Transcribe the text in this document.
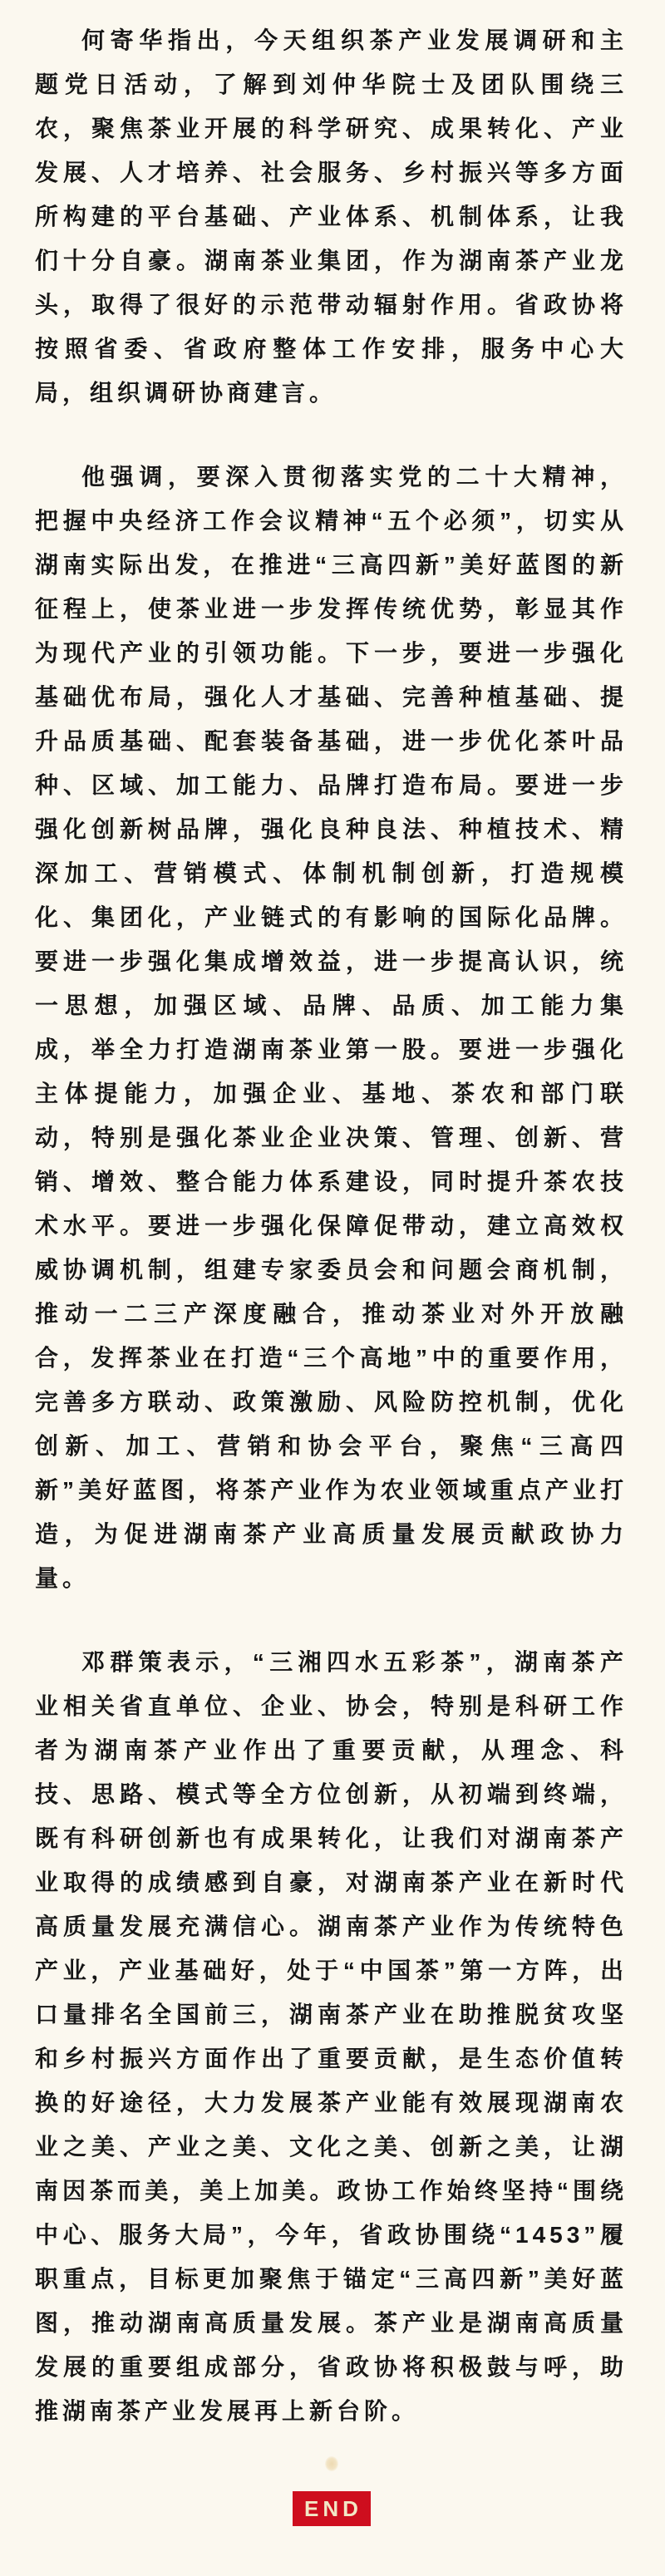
何寄华指出，今天组织茶产业发展调研和主题党日活动，了解到刘仲华院士及团队围绕三农，聚焦茶业开展的科学研究、成果转化、产业发展、人才培养、社会服务、乡村振兴等多方面所构建的平台基础、产业体系、机制体系，让我们十分自豪。湖南茶业集团，作为湖南茶产业龙头，取得了很好的示范带动辐射作用。省政协将按照省委、省政府整体工作安排，服务中心大局，组织调研协商建言。

他强调，要深入贯彻落实党的二十大精神，把握中央经济工作会议精神“五个必须”，切实从湖南实际出发，在推进“三高四新”美好蓝图的新征程上，使茶业进一步发挥传统优势，彰显其作为现代产业的引领功能。下一步，要进一步强化基础优布局，强化人才基础、完善种植基础、提升品质基础、配套装备基础，进一步优化茶叶品种、区域、加工能力、品牌打造布局。要进一步强化创新树品牌，强化良种良法、种植技术、精深加工、营销模式、体制机制创新，打造规模化、集团化，产业链式的有影响的国际化品牌。要进一步强化集成增效益，进一步提高认识，统一思想，加强区域、品牌、品质、加工能力集成，举全力打造湖南茶业第一股。要进一步强化主体提能力，加强企业、基地、茶农和部门联动，特别是强化茶业企业决策、管理、创新、营销、增效、整合能力体系建设，同时提升茶农技术水平。要进一步强化保障促带动，建立高效权威协调机制，组建专家委员会和问题会商机制，推动一二三产深度融合，推动茶业对外开放融合，发挥茶业在打造“三个高地”中的重要作用，完善多方联动、政策激励、风险防控机制，优化创新、加工、营销和协会平台，聚焦“三高四新”美好蓝图，将茶产业作为农业领域重点产业打造，为促进湖南茶产业高质量发展贡献政协力量。

邓群策表示，“三湘四水五彩茶”，湖南茶产业相关省直单位、企业、协会，特别是科研工作者为湖南茶产业作出了重要贡献，从理念、科技、思路、模式等全方位创新，从初端到终端，既有科研创新也有成果转化，让我们对湖南茶产业取得的成绩感到自豪，对湖南茶产业在新时代高质量发展充满信心。湖南茶产业作为传统特色产业，产业基础好，处于“中国茶”第一方阵，出口量排名全国前三，湖南茶产业在助推脱贫攻坚和乡村振兴方面作出了重要贡献，是生态价值转换的好途径，大力发展茶产业能有效展现湖南农业之美、产业之美、文化之美、创新之美，让湖南因茶而美，美上加美。政协工作始终坚持“围绕中心、服务大局”，今年，省政协围绕“1453”履职重点，目标更加聚焦于锚定“三高四新”美好蓝图，推动湖南高质量发展。茶产业是湖南高质量发展的重要组成部分，省政协将积极鼓与呼，助推湖南茶产业发展再上新台阶。

END
